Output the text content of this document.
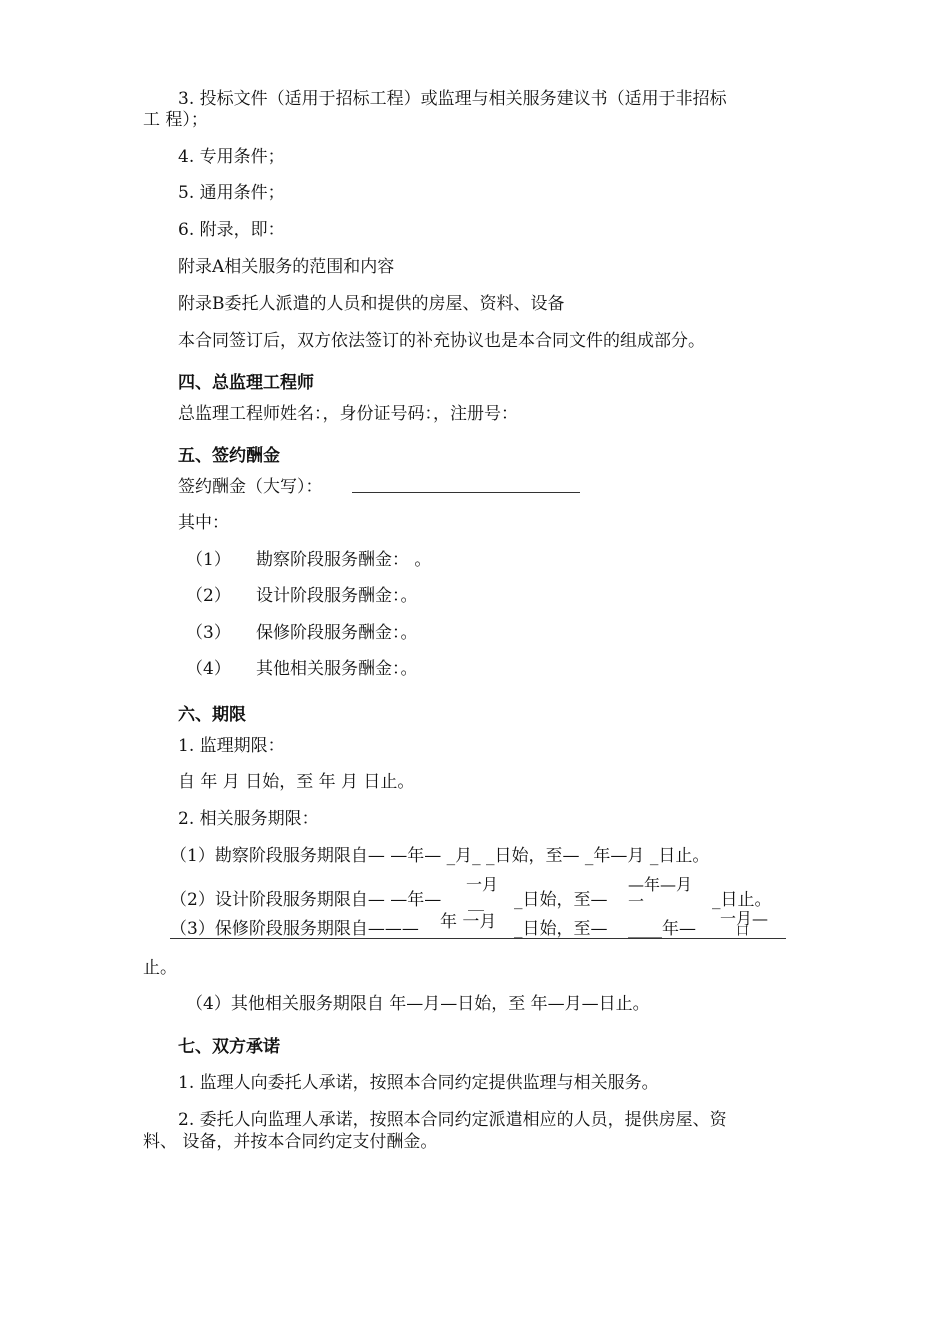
3. 投标文件（适用于招标工程）或监理与相关服务建议书（适用于非招标
工 程）；
4. 专用条件；
5. 通用条件；
6. 附录，即：
附录A相关服务的范围和内容
附录B委托人派遣的人员和提供的房屋、资料、设备
本合同签订后，双方依法签订的补充协议也是本合同文件的组成部分。
四、总监理工程师
总监理工程师姓名：，身份证号码：，注册号：
五、签约酬金
签约酬金（大写）：
其中：
（1） 勘察阶段服务酬金： 。
（2） 设计阶段服务酬金：。
（3） 保修阶段服务酬金：。
（4） 其他相关服务酬金：。
六、期限
1. 监理期限：
自 年 月 日始，至 年 月 日止。
2. 相关服务期限：
（1）勘察阶段服务期限自— —年— _月_ _日始，至— _年—月 _日止。
一月	—年—月
（2）设计阶段服务期限自— —年— __ _日始，至— 一	_日止。
一月—
（3）保修阶段服务期限自——— 年 一月 _日始，至— ____年—	口
止。
（4）其他相关服务期限自 年—月—日始，至 年—月—日止。
七、双方承诺
1. 监理人向委托人承诺，按照本合同约定提供监理与相关服务。
2. 委托人向监理人承诺，按照本合同约定派遣相应的人员，提供房屋、资
料、 设备，并按本合同约定支付酬金。
